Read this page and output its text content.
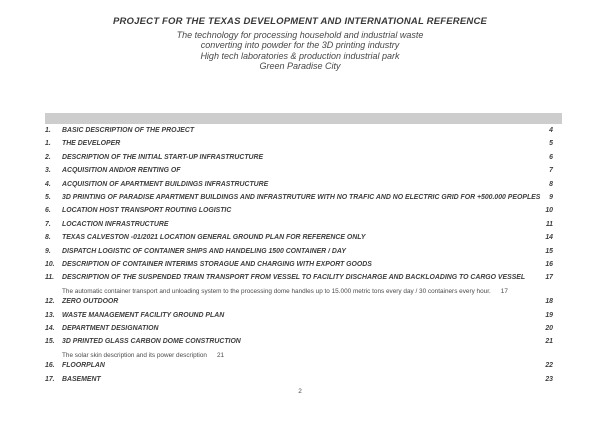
PROJECT FOR THE TEXAS DEVELOPMENT AND INTERNATIONAL REFERENCE
The technology for processing household and industrial waste
converting into powder for the 3D printing industry
High tech laboratories & production industrial park
Green Paradise City
1.	BASIC DESCRIPTION OF THE PROJECT	4
1.	THE DEVELOPER	5
2.	DESCRIPTION OF THE INITIAL START-UP INFRASTRUCTURE	6
3.	ACQUISITION AND/OR RENTING OF	7
4.	ACQUISITION OF APARTMENT BUILDINGS INFRASTRUCTURE	8
5.	3D PRINTING OF PARADISE APARTMENT BUILDINGS AND INFRASTRUTURE WITH NO TRAFIC AND NO ELECTRIC GRID FOR +500.000 PEOPLES	9
6.	LOCATION HOST TRANSPORT ROUTING LOGISTIC	10
7.	LOCACTION INFRASTRUCTURE	11
8.	TEXAS CALVESTON -01/2021 LOCATION GENERAL GROUND PLAN FOR REFERENCE ONLY	14
9.	DISPATCH LOGISTIC OF CONTAINER SHIPS AND HANDELING 1500 CONTAINER / DAY	15
10.	DESCRIPTION OF CONTAINER INTERIMS STORAGUE AND CHARGING WITH EXPORT GOODS	16
11.	DESCRIPTION OF THE SUSPENDED TRAIN TRANSPORT FROM VESSEL TO FACILITY DISCHARGE AND BACKLOADING TO CARGO VESSEL	17
The automatic container transport and unloading system to the processing dome handles up to 15.000 metric tons every day / 30 containers every hour. 17
12.	ZERO OUTDOOR	18
13.	WASTE MANAGEMENT FACILITY GROUND PLAN	19
14.	DEPARTMENT DESIGNATION	20
15.	3D PRINTED GLASS CARBON DOME CONSTRUCTION	21
The solar skin description and its power description 21
16.	FLOORPLAN	22
17.	BASEMENT	23
2
